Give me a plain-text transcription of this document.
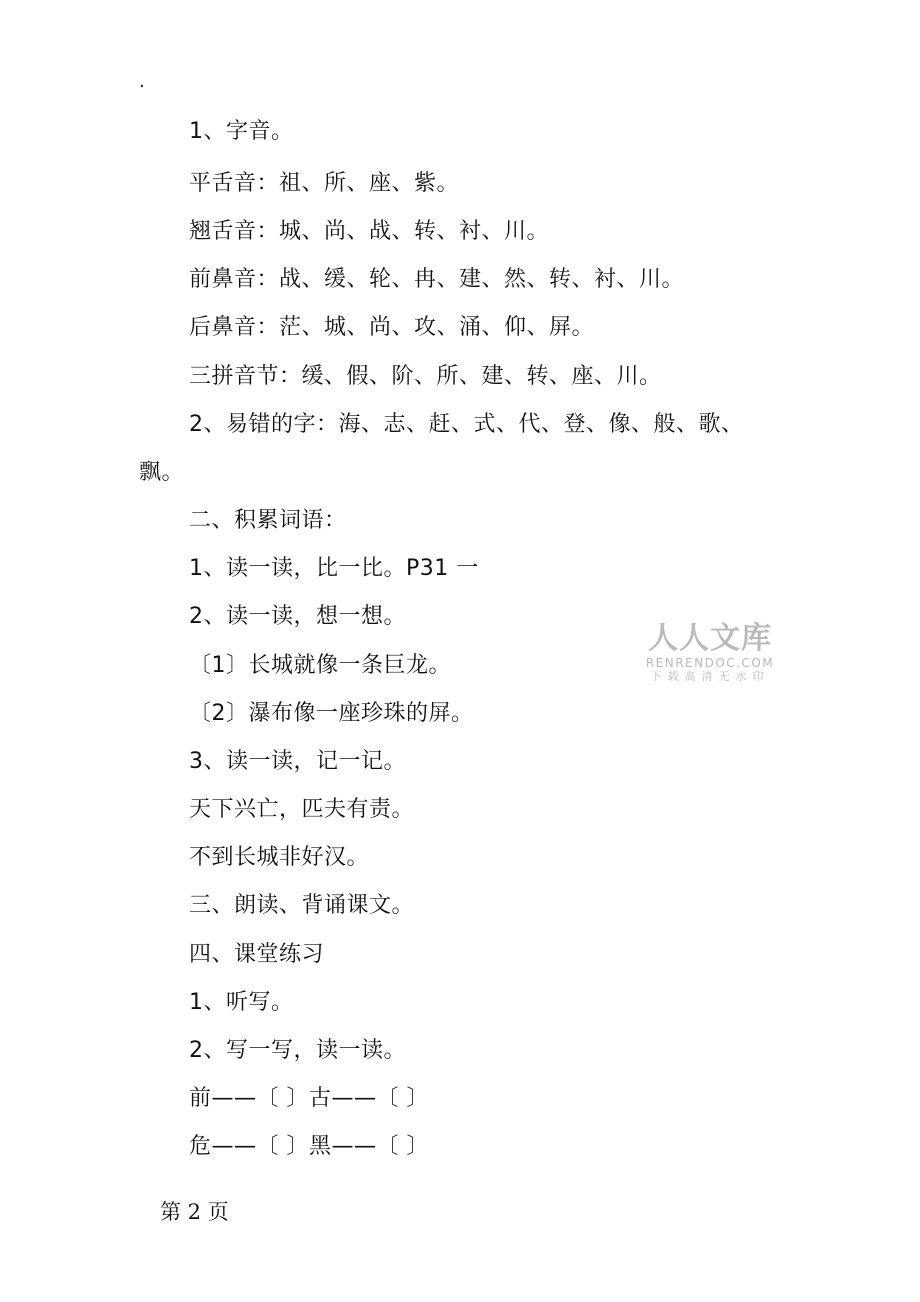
.
1、字音。
平舌音：祖、所、座、紫。
翘舌音：城、尚、战、转、衬、川。
前鼻音：战、缓、轮、冉、建、然、转、衬、川。
后鼻音：茫、城、尚、攻、涌、仰、屏。
三拼音节：缓、假、阶、所、建、转、座、川。
2、易错的字：海、志、赶、式、代、登、像、般、歌、
飘。
二、积累词语：
1、读一读，比一比。P31 一
2、读一读，想一想。
〔1〕长城就像一条巨龙。
〔2〕瀑布像一座珍珠的屏。
3、读一读，记一记。
天下兴亡，匹夫有责。
不到长城非好汉。
三、朗读、背诵课文。
四、课堂练习
1、听写。
2、写一写，读一读。
前——〔 〕古——〔 〕
危——〔 〕黑——〔 〕
人人文库
RENRENDOC.COM
下载高清无水印
第 2 页
